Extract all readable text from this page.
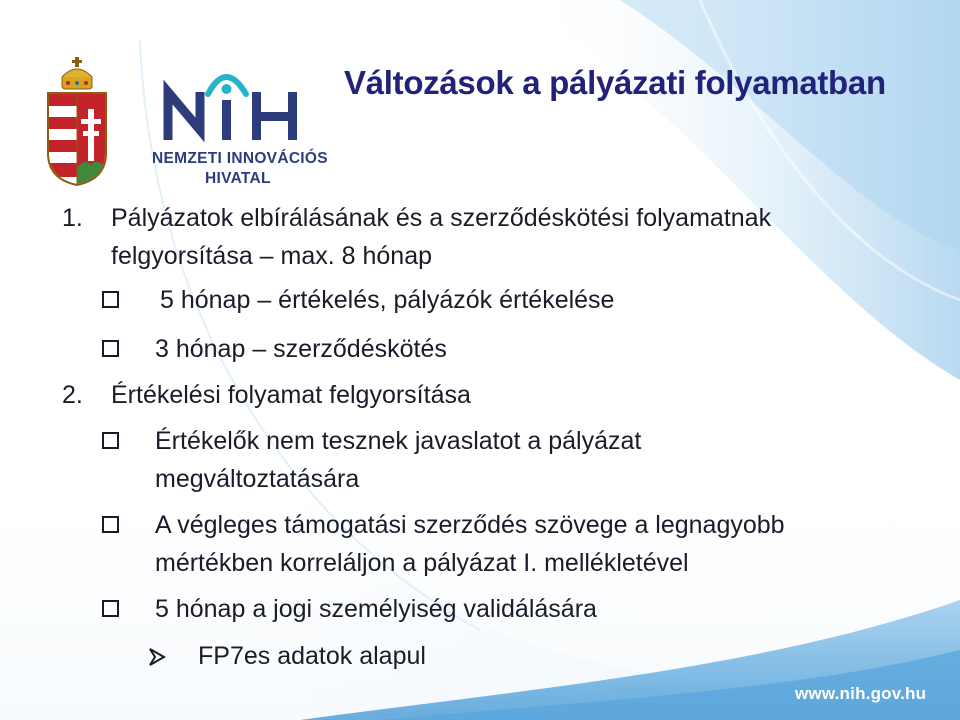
NEMZETI INNOVÁCIÓS
HIVATAL
Változások a pályázati folyamatban
1. Pályázatok elbírálásának és a szerződéskötési folyamatnak
felgyorsítása – max. 8 hónap
5 hónap – értékelés, pályázók értékelése
3 hónap – szerződéskötés
2. Értékelési folyamat felgyorsítása
Értékelők nem tesznek javaslatot a pályázat
megváltoztatására
A végleges támogatási szerződés szövege a legnagyobb
mértékben korreláljon a pályázat I. mellékletével
5 hónap a jogi személyiség validálására
FP7es adatok alapul
www.nih.gov.hu
